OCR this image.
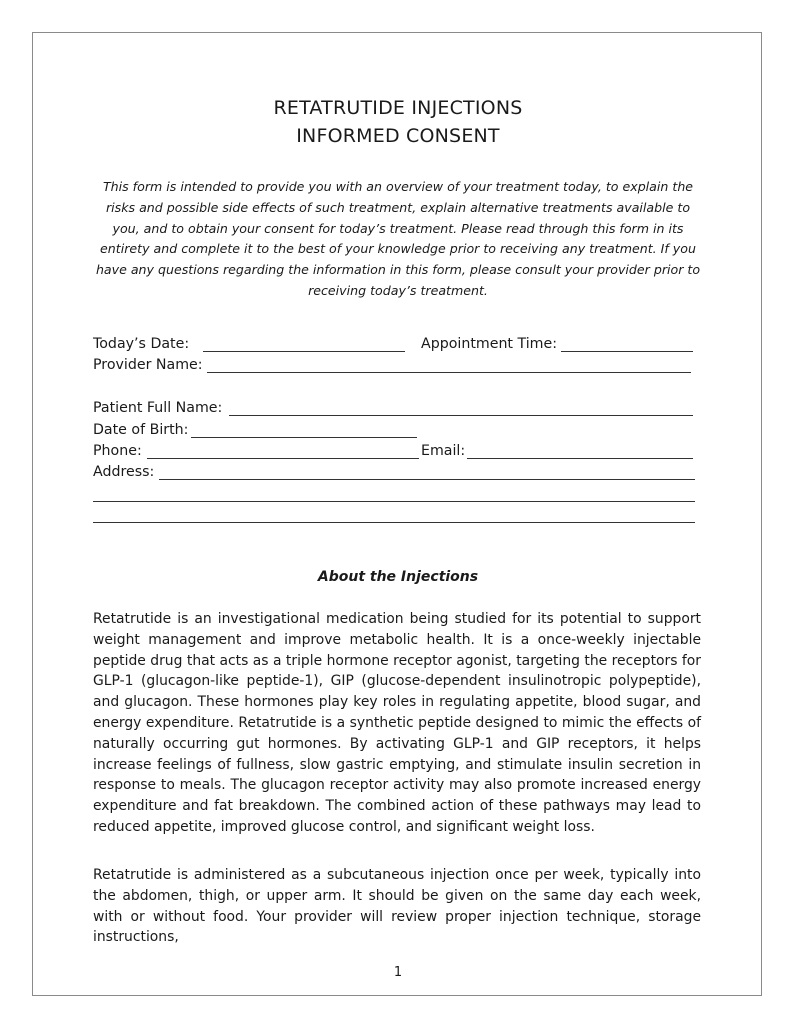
RETATRUTIDE INJECTIONS
INFORMED CONSENT

This form is intended to provide you with an overview of your treatment today, to explain the risks and possible side effects of such treatment, explain alternative treatments available to you, and to obtain your consent for today’s treatment. Please read through this form in its entirety and complete it to the best of your knowledge prior to receiving any treatment. If you have any questions regarding the information in this form, please consult your provider prior to receiving today’s treatment.

Today’s Date:	Appointment Time:
Provider Name:
Patient Full Name:
Date of Birth:
Phone:	Email:
Address:
About the Injections

Retatrutide is an investigational medication being studied for its potential to support weight management and improve metabolic health. It is a once-weekly injectable peptide drug that acts as a triple hormone receptor agonist, targeting the receptors for GLP-1 (glucagon-like peptide-1), GIP (glucose-dependent insulinotropic polypeptide), and glucagon. These hormones play key roles in regulating appetite, blood sugar, and energy expenditure. Retatrutide is a synthetic peptide designed to mimic the effects of naturally occurring gut hormones. By activating GLP-1 and GIP receptors, it helps increase feelings of fullness, slow gastric emptying, and stimulate insulin secretion in response to meals. The glucagon receptor activity may also promote increased energy expenditure and fat breakdown. The combined action of these pathways may lead to reduced appetite, improved glucose control, and significant weight loss.

Retatrutide is administered as a subcutaneous injection once per week, typically into the abdomen, thigh, or upper arm. It should be given on the same day each week, with or without food. Your provider will review proper injection technique, storage instructions,

1
